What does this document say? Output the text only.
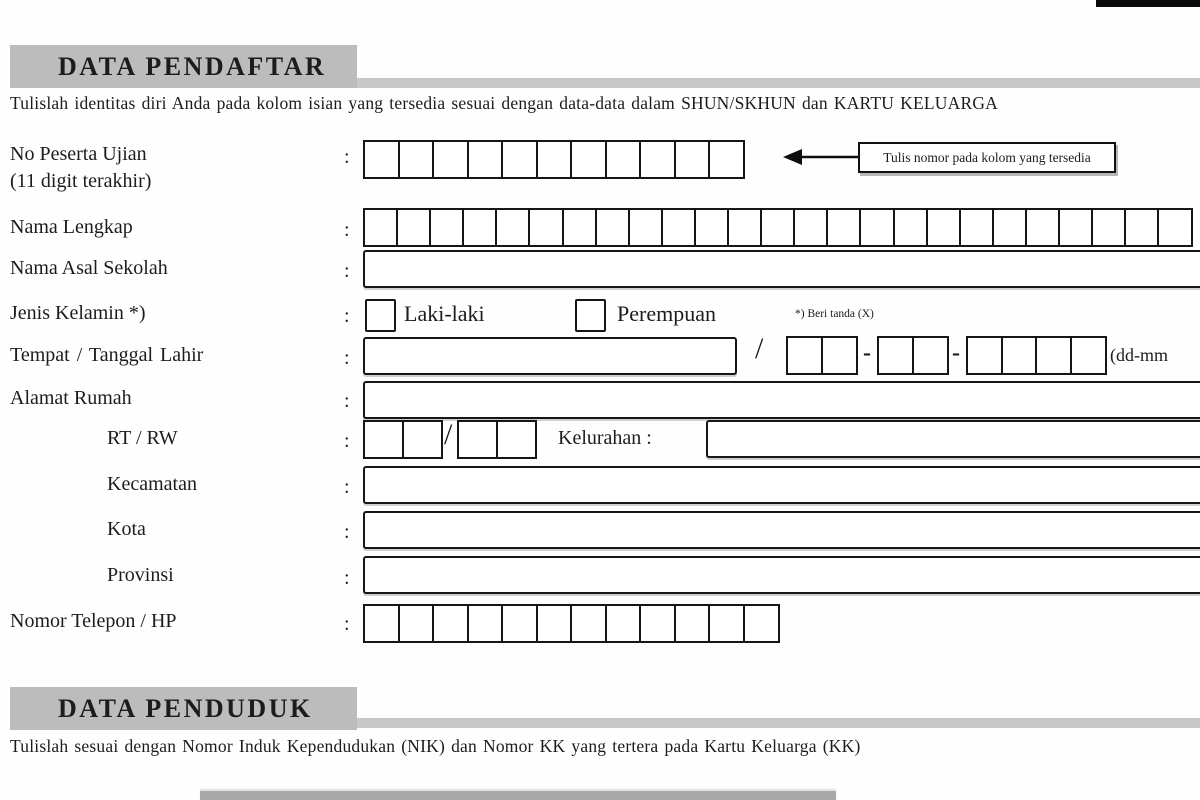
DATA PENDAFTAR
Tulislah identitas diri Anda pada kolom isian yang tersedia sesuai dengan data-data dalam SHUN/SKHUN dan KARTU KELUARGA
No Peserta Ujian
(11 digit terakhir)
:	Tulis nomor pada kolom yang tersedia
Nama Lengkap	:
Nama Asal Sekolah	:
Jenis Kelamin *)	: Laki-laki	Perempuan	*) Beri tanda (X)
Tempat / Tanggal Lahir	:	/	-	-	(dd-mm
Alamat Rumah	:
RT / RW	:	/	Kelurahan :
Kecamatan	:
Kota	:
Provinsi	:
Nomor Telepon / HP	:
DATA PENDUDUK
Tulislah sesuai dengan Nomor Induk Kependudukan (NIK) dan Nomor KK yang tertera pada Kartu Keluarga (KK)
